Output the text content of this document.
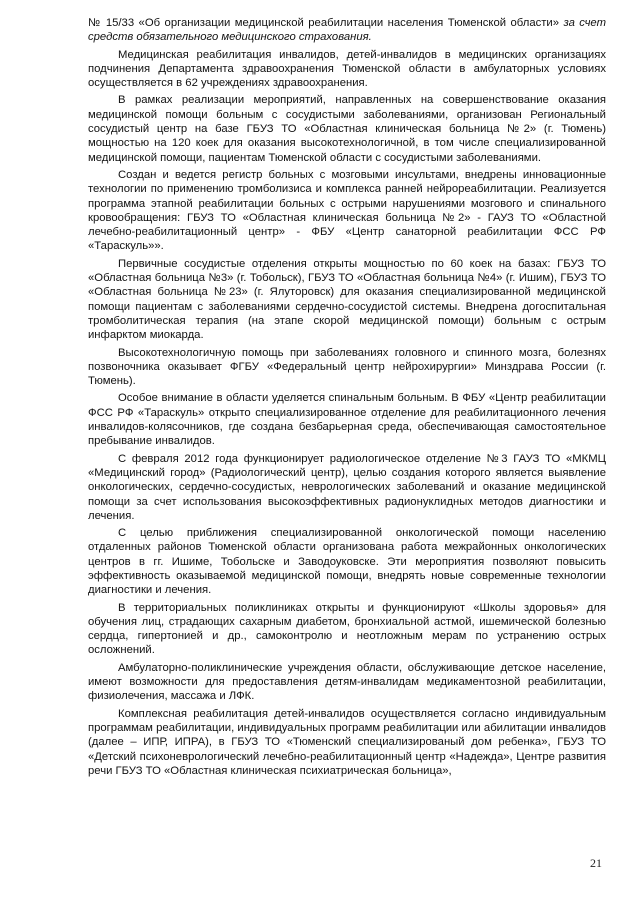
№ 15/33 «Об организации медицинской реабилитации населения Тюменской области» за счет средств обязательного медицинского страхования.

Медицинская реабилитация инвалидов, детей-инвалидов в медицинских организациях подчинения Департамента здравоохранения Тюменской области в амбулаторных условиях осуществляется в 62 учреждениях здравоохранения.

В рамках реализации мероприятий, направленных на совершенствование оказания медицинской помощи больным с сосудистыми заболеваниями, организован Региональный сосудистый центр на базе ГБУЗ ТО «Областная клиническая больница №2» (г. Тюмень) мощностью на 120 коек для оказания высокотехнологичной, в том числе специализированной медицинской помощи, пациентам Тюменской области с сосудистыми заболеваниями.

Создан и ведется регистр больных с мозговыми инсультами, внедрены инновационные технологии по применению тромболизиса и комплекса ранней нейрореабилитации. Реализуется программа этапной реабилитации больных с острыми нарушениями мозгового и спинального кровообращения: ГБУЗ ТО «Областная клиническая больница №2» - ГАУЗ ТО «Областной лечебно-реабилитационный центр» - ФБУ «Центр санаторной реабилитации ФСС РФ «Тараскуль»».

Первичные сосудистые отделения открыты мощностью по 60 коек на базах: ГБУЗ ТО «Областная больница №3» (г. Тобольск), ГБУЗ ТО «Областная больница №4» (г. Ишим), ГБУЗ ТО «Областная больница №23» (г. Ялуторовск) для оказания специализированной медицинской помощи пациентам с заболеваниями сердечно-сосудистой системы. Внедрена догоспитальная тромболитическая терапия (на этапе скорой медицинской помощи) больным с острым инфарктом миокарда.

Высокотехнологичную помощь при заболеваниях головного и спинного мозга, болезнях позвоночника оказывает ФГБУ «Федеральный центр нейрохирургии» Минздрава России (г. Тюмень).

Особое внимание в области уделяется спинальным больным. В ФБУ «Центр реабилитации ФСС РФ «Тараскуль» открыто специализированное отделение для реабилитационного лечения инвалидов-колясочников, где создана безбарьерная среда, обеспечивающая самостоятельное пребывание инвалидов.

С февраля 2012 года функционирует радиологическое отделение №3 ГАУЗ ТО «МКМЦ «Медицинский город» (Радиологический центр), целью создания которого является выявление онкологических, сердечно-сосудистых, неврологических заболеваний и оказание медицинской помощи за счет использования высокоэффективных радионуклидных методов диагностики и лечения.

С целью приближения специализированной онкологической помощи населению отдаленных районов Тюменской области организована работа межрайонных онкологических центров в гг. Ишиме, Тобольске и Заводоуковске. Эти мероприятия позволяют повысить эффективность оказываемой медицинской помощи, внедрять новые современные технологии диагностики и лечения.

В территориальных поликлиниках открыты и функционируют «Школы здоровья» для обучения лиц, страдающих сахарным диабетом, бронхиальной астмой, ишемической болезнью сердца, гипертонией и др., самоконтролю и неотложным мерам по устранению острых осложнений.

Амбулаторно-поликлинические учреждения области, обслуживающие детское население, имеют возможности для предоставления детям-инвалидам медикаментозной реабилитации, физиолечения, массажа и ЛФК.

Комплексная реабилитация детей-инвалидов осуществляется согласно индивидуальным программам реабилитации, индивидуальных программ реабилитации или абилитации инвалидов (далее – ИПР, ИПРА), в ГБУЗ ТО «Тюменский специализированый дом ребенка», ГБУЗ ТО «Детский психоневрологический лечебно-реабилитационный центр «Надежда», Центре развития речи ГБУЗ ТО «Областная клиническая психиатрическая больница»,

21
